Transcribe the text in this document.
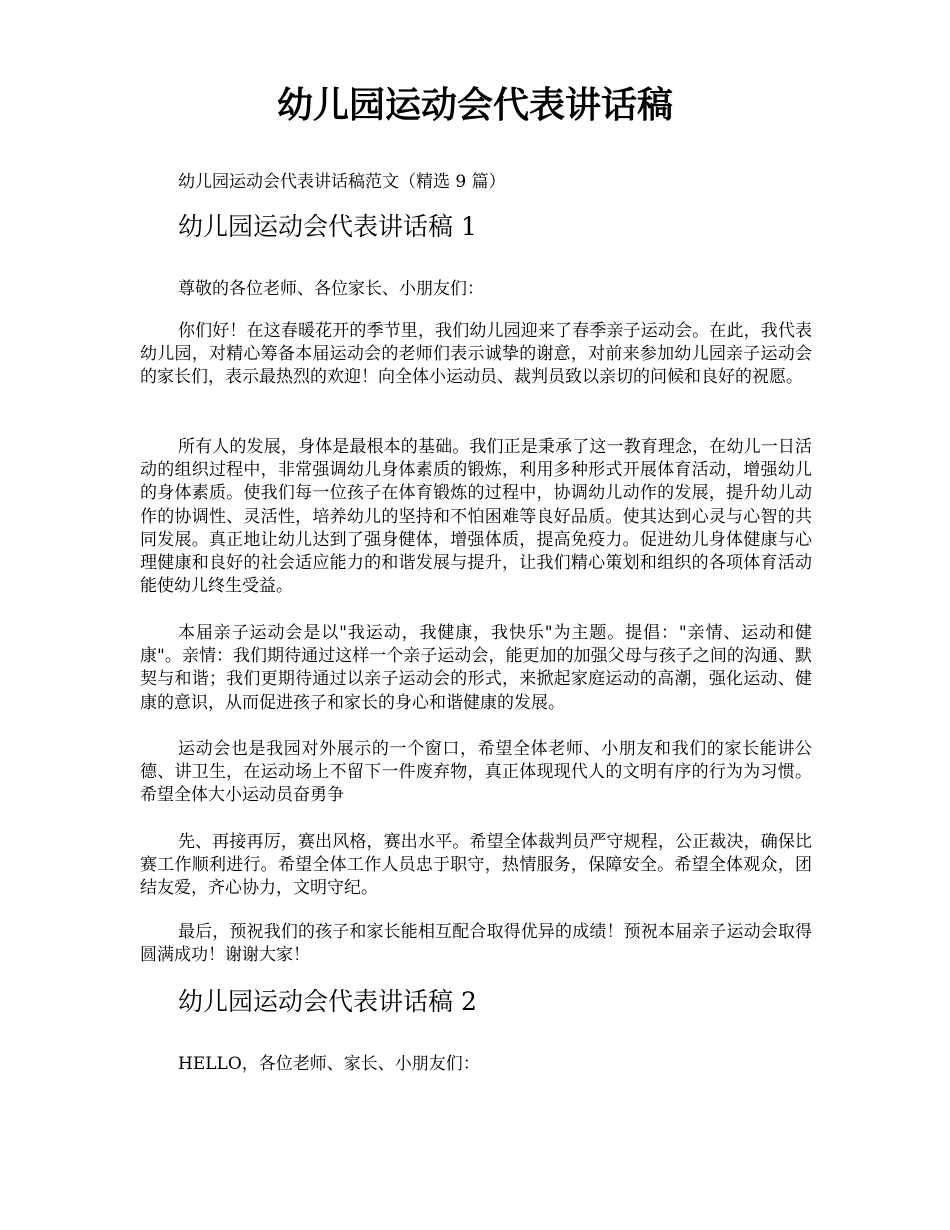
幼儿园运动会代表讲话稿

幼儿园运动会代表讲话稿范文（精选 9 篇）

幼儿园运动会代表讲话稿 1

尊敬的各位老师、各位家长、小朋友们：

你们好！在这春暖花开的季节里，我们幼儿园迎来了春季亲子运动会。在此，我代表幼儿园，对精心筹备本届运动会的老师们表示诚挚的谢意，对前来参加幼儿园亲子运动会的家长们，表示最热烈的欢迎！向全体小运动员、裁判员致以亲切的问候和良好的祝愿。

所有人的发展，身体是最根本的基础。我们正是秉承了这一教育理念，在幼儿一日活动的组织过程中，非常强调幼儿身体素质的锻炼，利用多种形式开展体育活动，增强幼儿的身体素质。使我们每一位孩子在体育锻炼的过程中，协调幼儿动作的发展，提升幼儿动作的协调性、灵活性，培养幼儿的坚持和不怕困难等良好品质。使其达到心灵与心智的共同发展。真正地让幼儿达到了强身健体，增强体质，提高免疫力。促进幼儿身体健康与心理健康和良好的社会适应能力的和谐发展与提升，让我们精心策划和组织的各项体育活动能使幼儿终生受益。

本届亲子运动会是以"我运动，我健康，我快乐"为主题。提倡："亲情、运动和健康"。亲情：我们期待通过这样一个亲子运动会，能更加的加强父母与孩子之间的沟通、默契与和谐；我们更期待通过以亲子运动会的形式，来掀起家庭运动的高潮，强化运动、健康的意识，从而促进孩子和家长的身心和谐健康的发展。

运动会也是我园对外展示的一个窗口，希望全体老师、小朋友和我们的家长能讲公德、讲卫生，在运动场上不留下一件废弃物，真正体现现代人的文明有序的行为为习惯。希望全体大小运动员奋勇争

先、再接再厉，赛出风格，赛出水平。希望全体裁判员严守规程，公正裁决，确保比赛工作顺利进行。希望全体工作人员忠于职守，热情服务，保障安全。希望全体观众，团结友爱，齐心协力，文明守纪。

最后，预祝我们的孩子和家长能相互配合取得优异的成绩！预祝本届亲子运动会取得圆满成功！谢谢大家！

幼儿园运动会代表讲话稿 2

HELLO，各位老师、家长、小朋友们：
